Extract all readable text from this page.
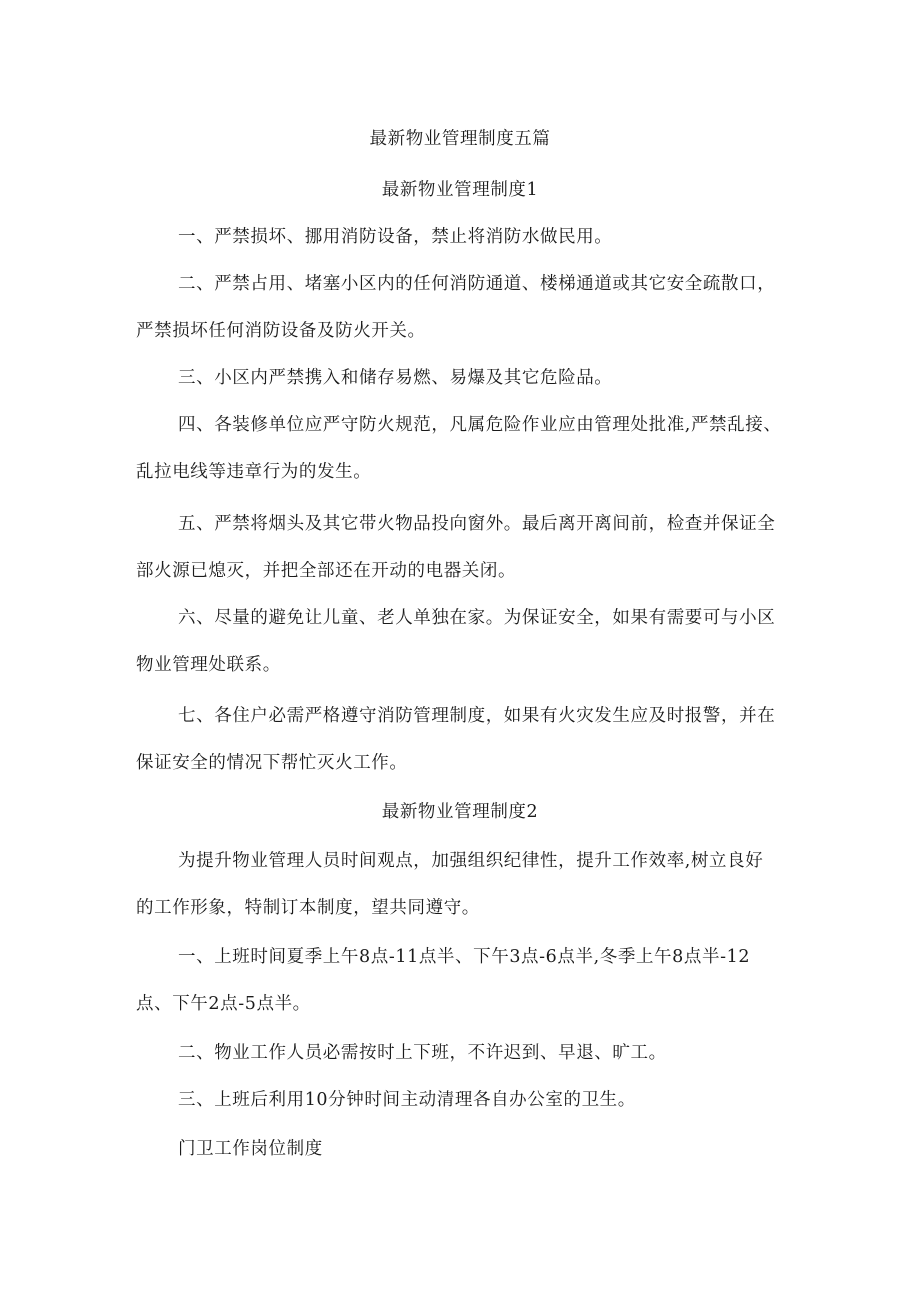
最新物业管理制度五篇
最新物业管理制度1
一、严禁损坏、挪用消防设备，禁止将消防水做民用。
二、严禁占用、堵塞小区内的任何消防通道、楼梯通道或其它安全疏散口，
严禁损坏任何消防设备及防火开关。
三、小区内严禁携入和储存易燃、易爆及其它危险品。
四、各装修单位应严守防火规范，凡属危险作业应由管理处批准,严禁乱接、
乱拉电线等违章行为的发生。
五、严禁将烟头及其它带火物品投向窗外。最后离开离间前，检查并保证全
部火源已熄灭，并把全部还在开动的电器关闭。
六、尽量的避免让儿童、老人单独在家。为保证安全，如果有需要可与小区
物业管理处联系。
七、各住户必需严格遵守消防管理制度，如果有火灾发生应及时报警，并在
保证安全的情况下帮忙灭火工作。
最新物业管理制度2
为提升物业管理人员时间观点，加强组织纪律性，提升工作效率,树立良好
的工作形象，特制订本制度，望共同遵守。
一、上班时间夏季上午8点-11点半、下午3点-6点半,冬季上午8点半-12
点、下午2点-5点半。
二、物业工作人员必需按时上下班，不许迟到、早退、旷工。
三、上班后利用10分钟时间主动清理各自办公室的卫生。
门卫工作岗位制度
